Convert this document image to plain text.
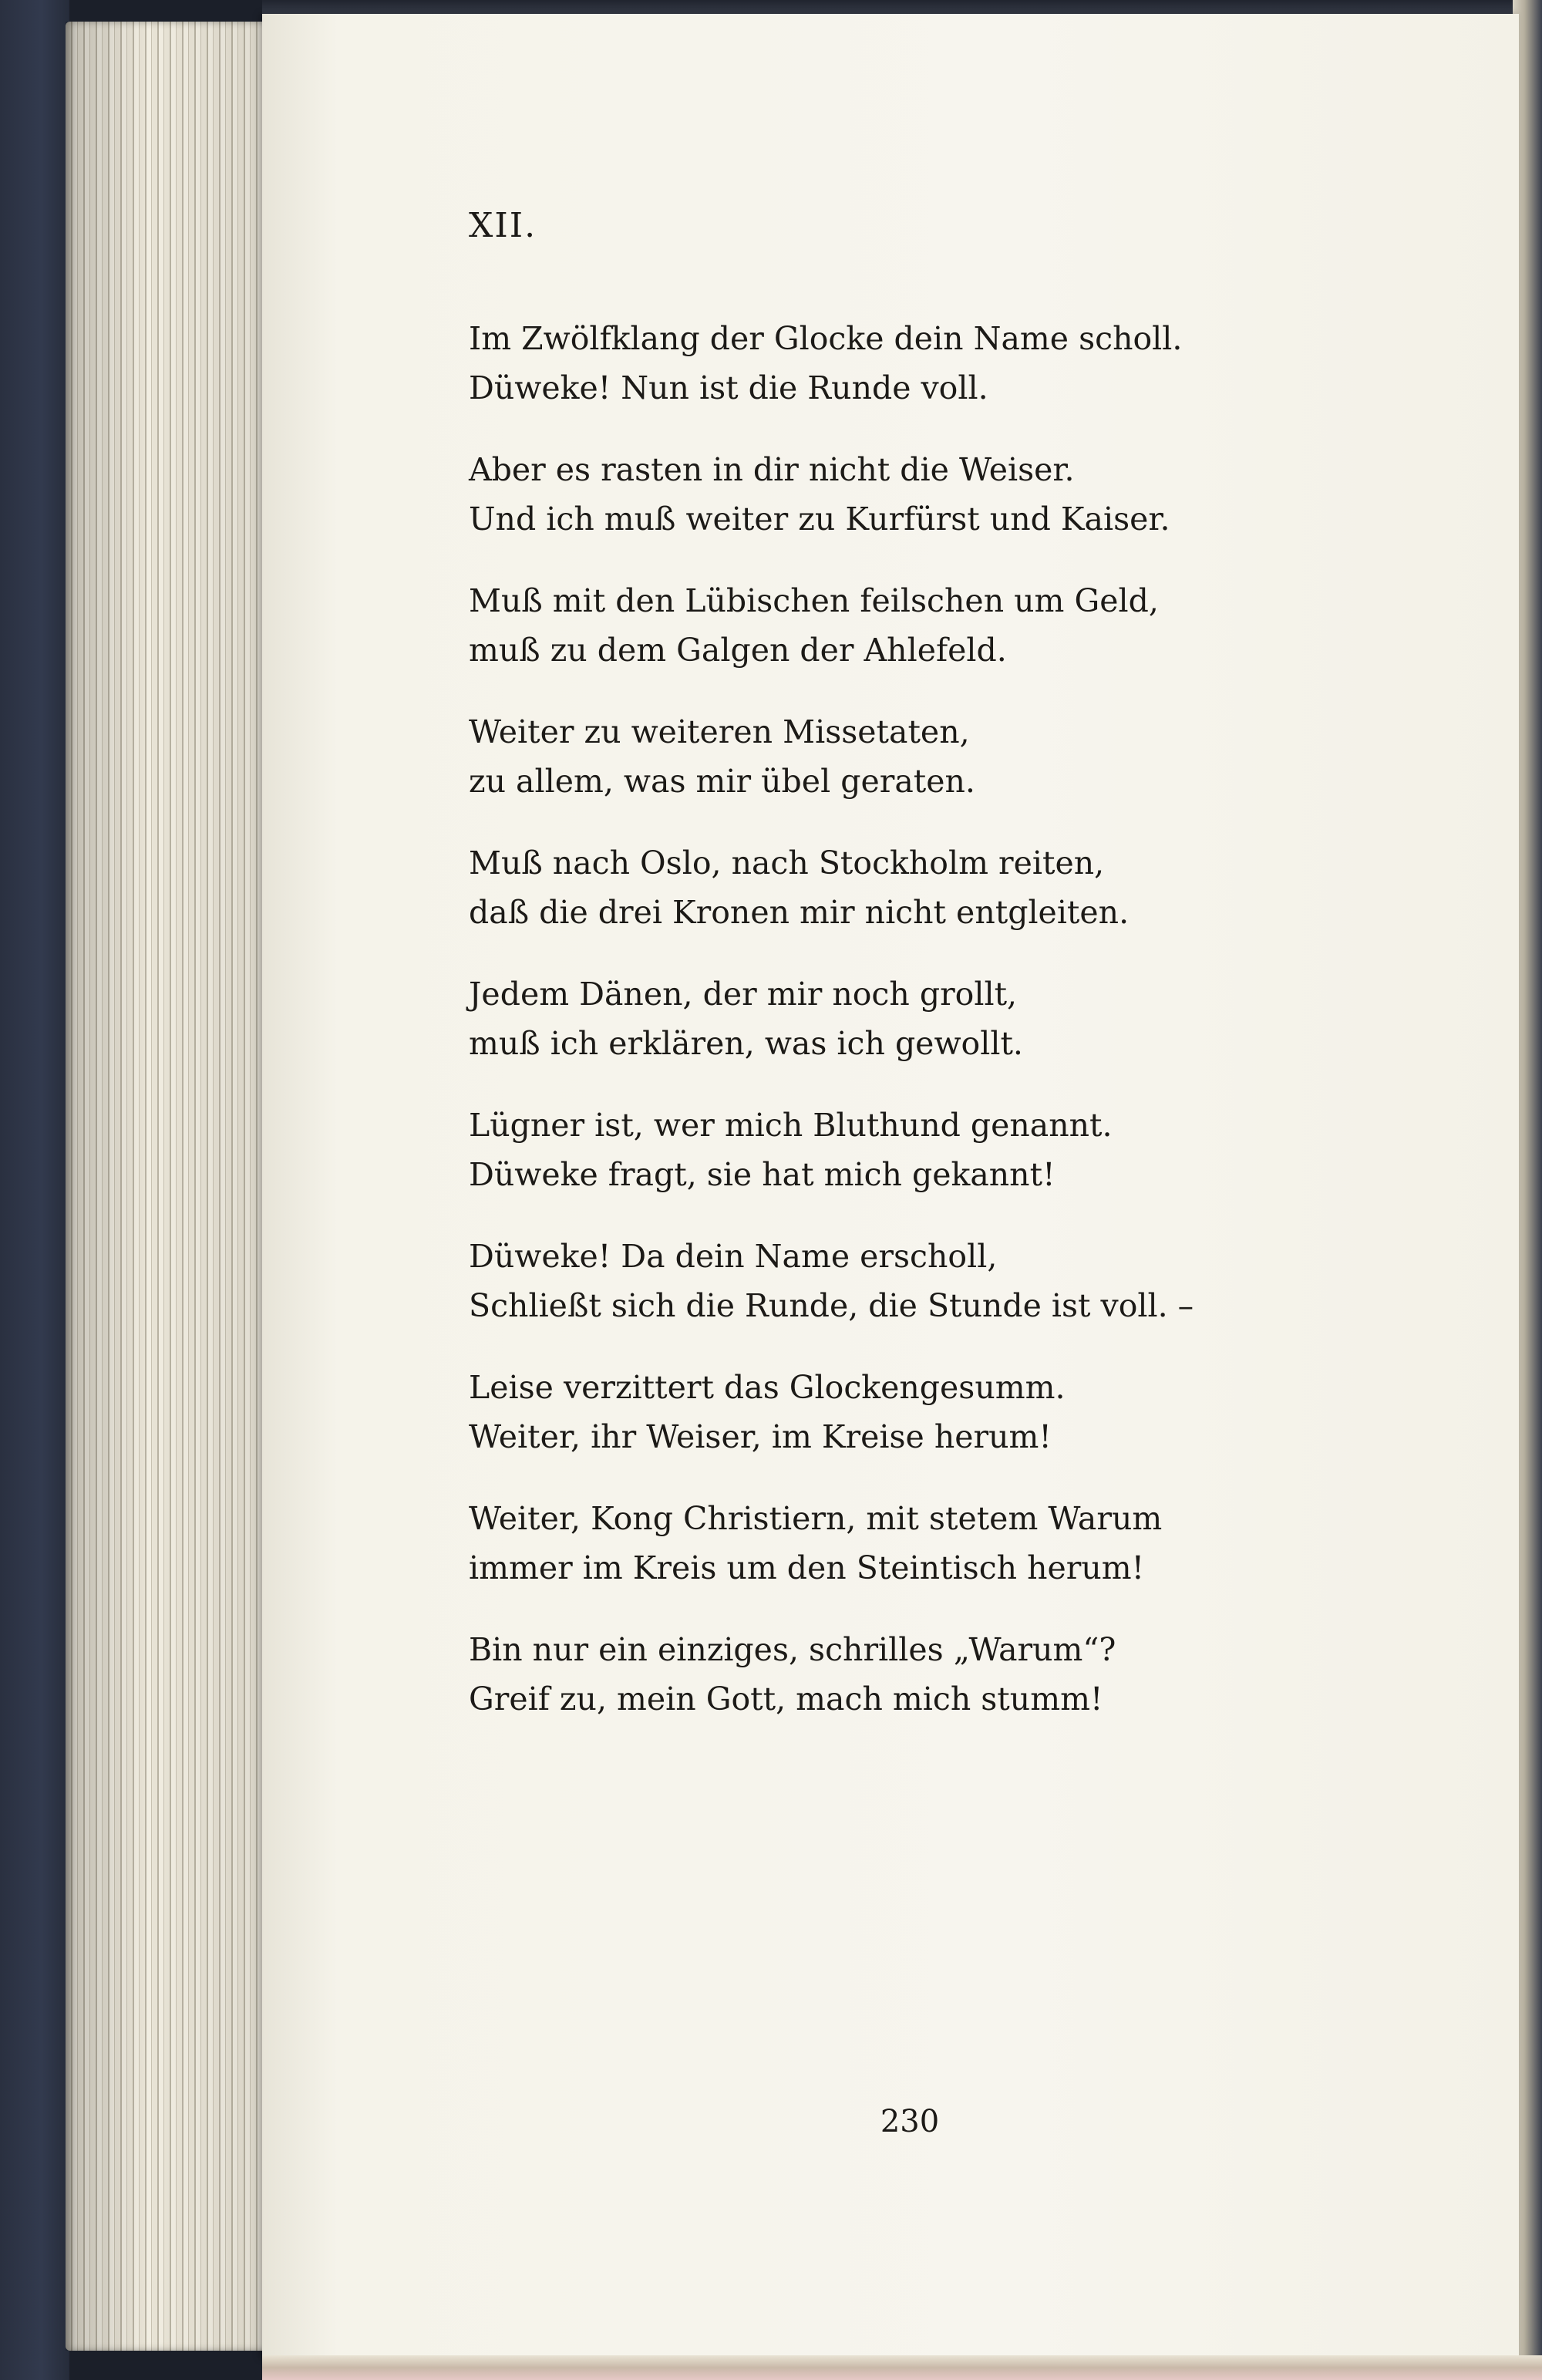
XII.
Im Zwölfklang der Glocke dein Name scholl.
Düweke! Nun ist die Runde voll.
Aber es rasten in dir nicht die Weiser.
Und ich muß weiter zu Kurfürst und Kaiser.
Muß mit den Lübischen feilschen um Geld,
muß zu dem Galgen der Ahlefeld.
Weiter zu weiteren Missetaten,
zu allem, was mir übel geraten.
Muß nach Oslo, nach Stockholm reiten,
daß die drei Kronen mir nicht entgleiten.
Jedem Dänen, der mir noch grollt,
muß ich erklären, was ich gewollt.
Lügner ist, wer mich Bluthund genannt.
Düweke fragt, sie hat mich gekannt!
Düweke! Da dein Name erscholl,
Schließt sich die Runde, die Stunde ist voll. –
Leise verzittert das Glockengesumm.
Weiter, ihr Weiser, im Kreise herum!
Weiter, Kong Christiern, mit stetem Warum
immer im Kreis um den Steintisch herum!
Bin nur ein einziges, schrilles „Warum“?
Greif zu, mein Gott, mach mich stumm!
230
